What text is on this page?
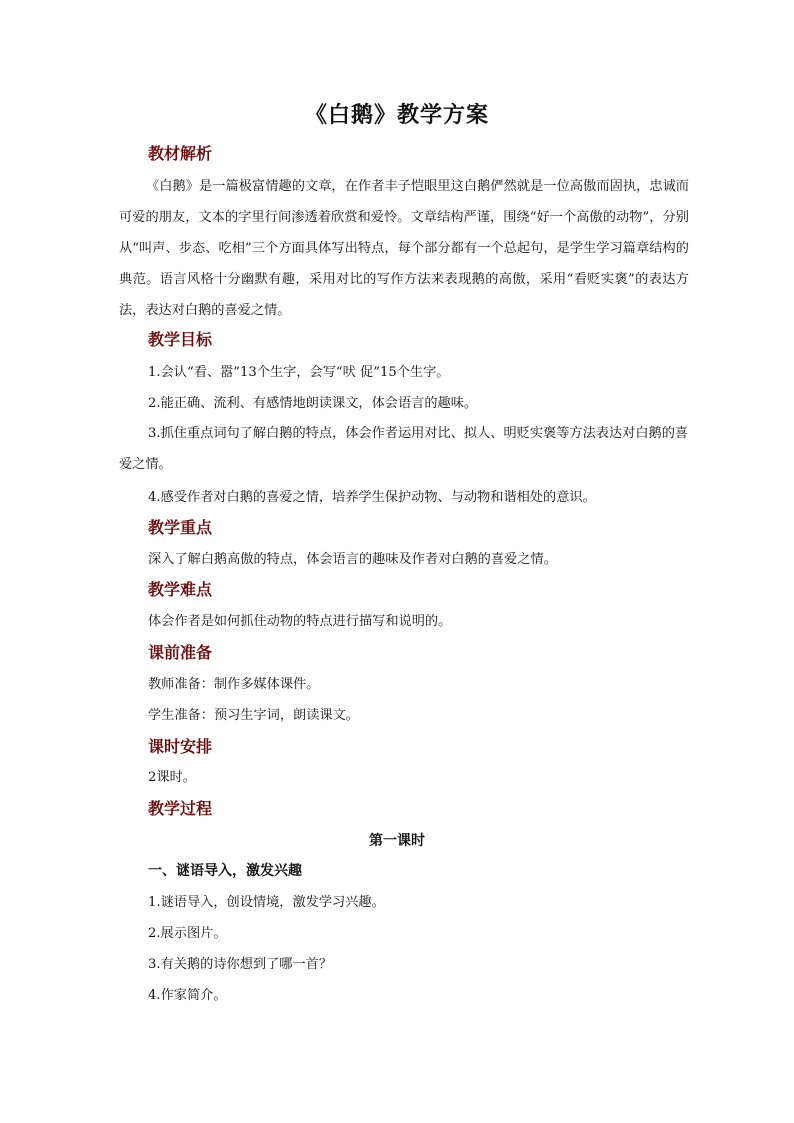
《白鹅》教学方案
教材解析
《白鹅》是一篇极富情趣的文章，在作者丰子恺眼里这白鹅俨然就是一位高傲而固执，忠诚而可爱的朋友，文本的字里行间渗透着欣赏和爱怜。文章结构严谨，围绕“好一个高傲的动物”，分别从“叫声、步态、吃相”三个方面具体写出特点，每个部分都有一个总起句，是学生学习篇章结构的典范。语言风格十分幽默有趣，采用对比的写作方法来表现鹅的高傲，采用“看贬实褒”的表达方法，表达对白鹅的喜爱之情。
教学目标
1.会认“看、嚣”13个生字，会写“吠 促”15个生字。
2.能正确、流利、有感情地朗读课文，体会语言的趣味。
3.抓住重点词句了解白鹅的特点，体会作者运用对比、拟人、明贬实褒等方法表达对白鹅的喜爱之情。
4.感受作者对白鹅的喜爱之情，培养学生保护动物、与动物和谐相处的意识。
教学重点
深入了解白鹅高傲的特点，体会语言的趣味及作者对白鹅的喜爱之情。
教学难点
体会作者是如何抓住动物的特点进行描写和说明的。
课前准备
教师准备：制作多媒体课件。
学生准备：预习生字词，朗读课文。
课时安排
2课时。
教学过程
第一课时
一、谜语导入，激发兴趣
1.谜语导入，创设情境，激发学习兴趣。
2.展示图片。
3.有关鹅的诗你想到了哪一首？
4.作家简介。
